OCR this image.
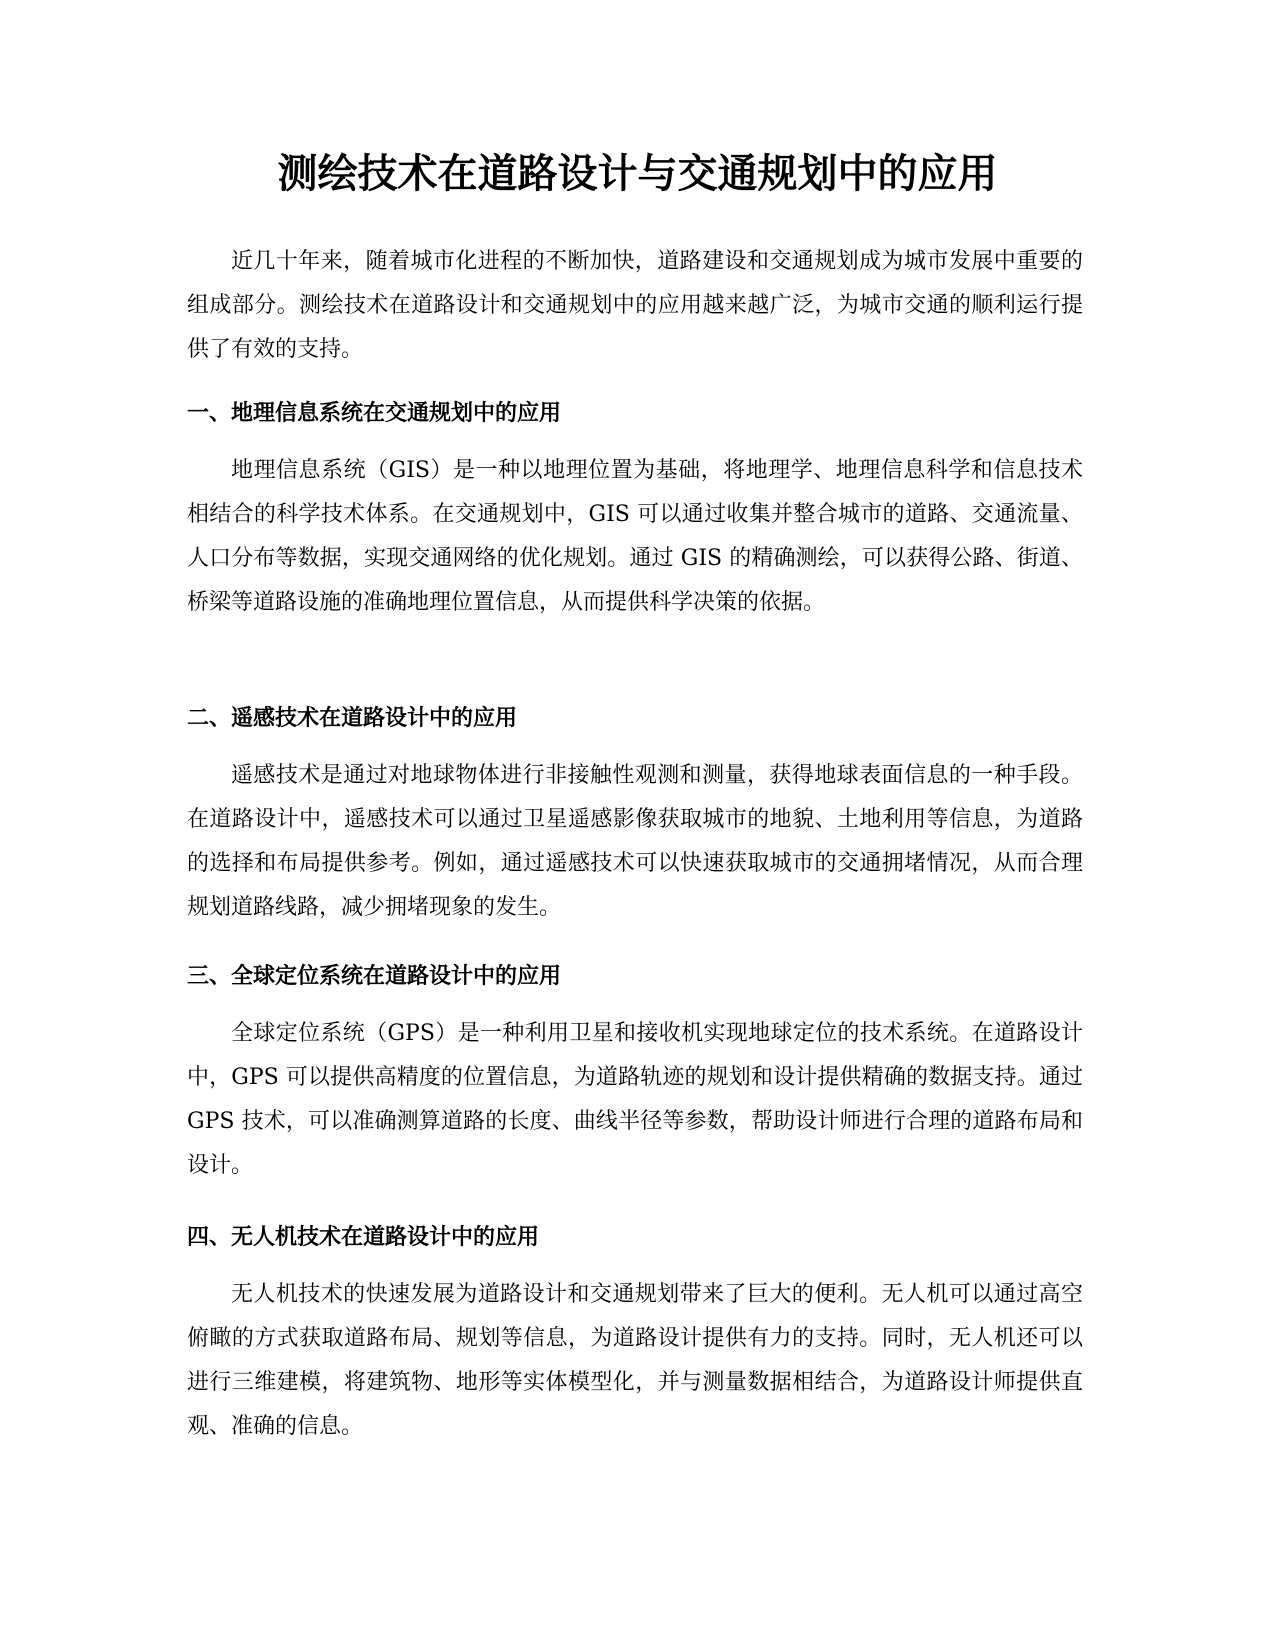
测绘技术在道路设计与交通规划中的应用

近几十年来，随着城市化进程的不断加快，道路建设和交通规划成为城市发展中重要的组成部分。测绘技术在道路设计和交通规划中的应用越来越广泛，为城市交通的顺利运行提供了有效的支持。

一、地理信息系统在交通规划中的应用

地理信息系统（GIS）是一种以地理位置为基础，将地理学、地理信息科学和信息技术相结合的科学技术体系。在交通规划中，GIS 可以通过收集并整合城市的道路、交通流量、人口分布等数据，实现交通网络的优化规划。通过 GIS 的精确测绘，可以获得公路、街道、桥梁等道路设施的准确地理位置信息，从而提供科学决策的依据。

二、遥感技术在道路设计中的应用

遥感技术是通过对地球物体进行非接触性观测和测量，获得地球表面信息的一种手段。在道路设计中，遥感技术可以通过卫星遥感影像获取城市的地貌、土地利用等信息，为道路的选择和布局提供参考。例如，通过遥感技术可以快速获取城市的交通拥堵情况，从而合理规划道路线路，减少拥堵现象的发生。

三、全球定位系统在道路设计中的应用

全球定位系统（GPS）是一种利用卫星和接收机实现地球定位的技术系统。在道路设计中，GPS 可以提供高精度的位置信息，为道路轨迹的规划和设计提供精确的数据支持。通过 GPS 技术，可以准确测算道路的长度、曲线半径等参数，帮助设计师进行合理的道路布局和设计。

四、无人机技术在道路设计中的应用

无人机技术的快速发展为道路设计和交通规划带来了巨大的便利。无人机可以通过高空俯瞰的方式获取道路布局、规划等信息，为道路设计提供有力的支持。同时，无人机还可以进行三维建模，将建筑物、地形等实体模型化，并与测量数据相结合，为道路设计师提供直观、准确的信息。
